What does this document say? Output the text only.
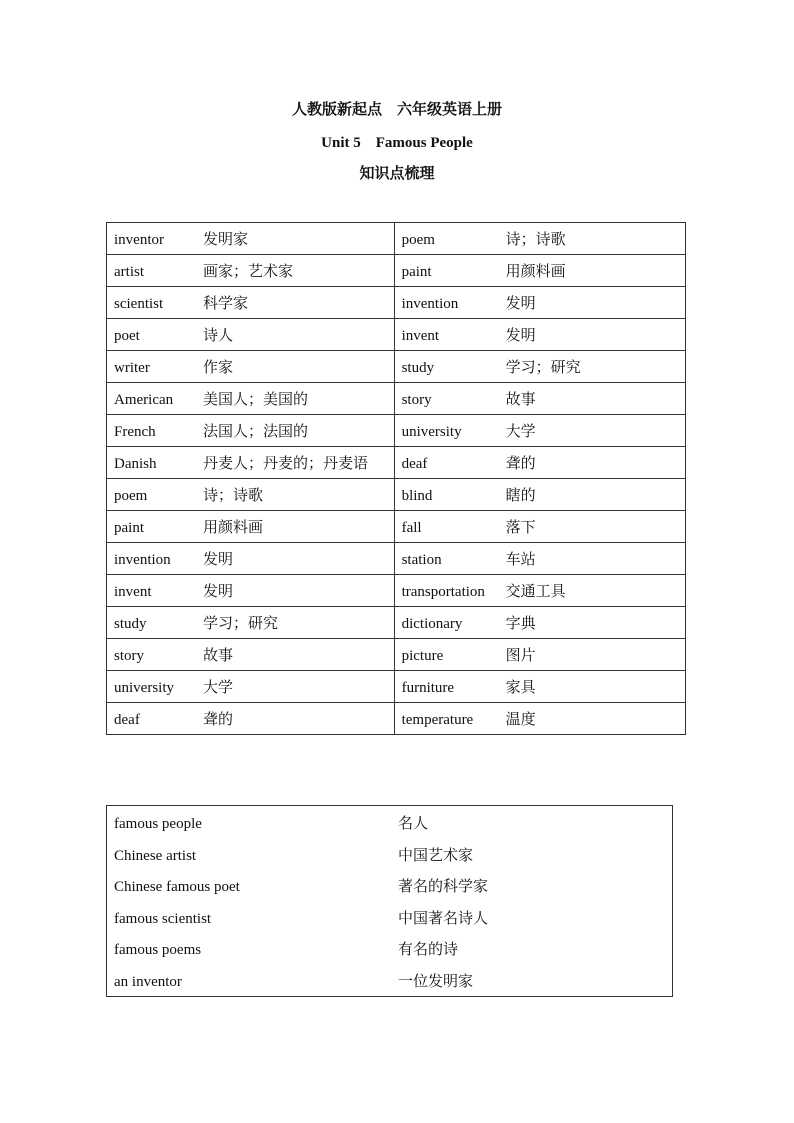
人教版新起点　六年级英语上册
Unit 5　Famous People
知识点梳理
inventor 发明家	poem 诗；诗歌
artist 画家；艺术家	paint 用颜料画
scientist 科学家	invention 发明
poet 诗人	invent 发明
writer 作家	study 学习；研究
American 美国人；美国的	story 故事
French 法国人；法国的	university 大学
Danish 丹麦人；丹麦的；丹麦语	deaf 聋的
poem 诗；诗歌	blind 瞎的
paint 用颜料画	fall 落下
invention 发明	station 车站
invent 发明	transportation 交通工具
study 学习；研究	dictionary 字典
story 故事	picture 图片
university 大学	furniture 家具
deaf 聋的	temperature 温度
famous people	名人
Chinese artist	中国艺术家
Chinese famous poet	著名的科学家
famous scientist	中国著名诗人
famous poems	有名的诗
an inventor	一位发明家
